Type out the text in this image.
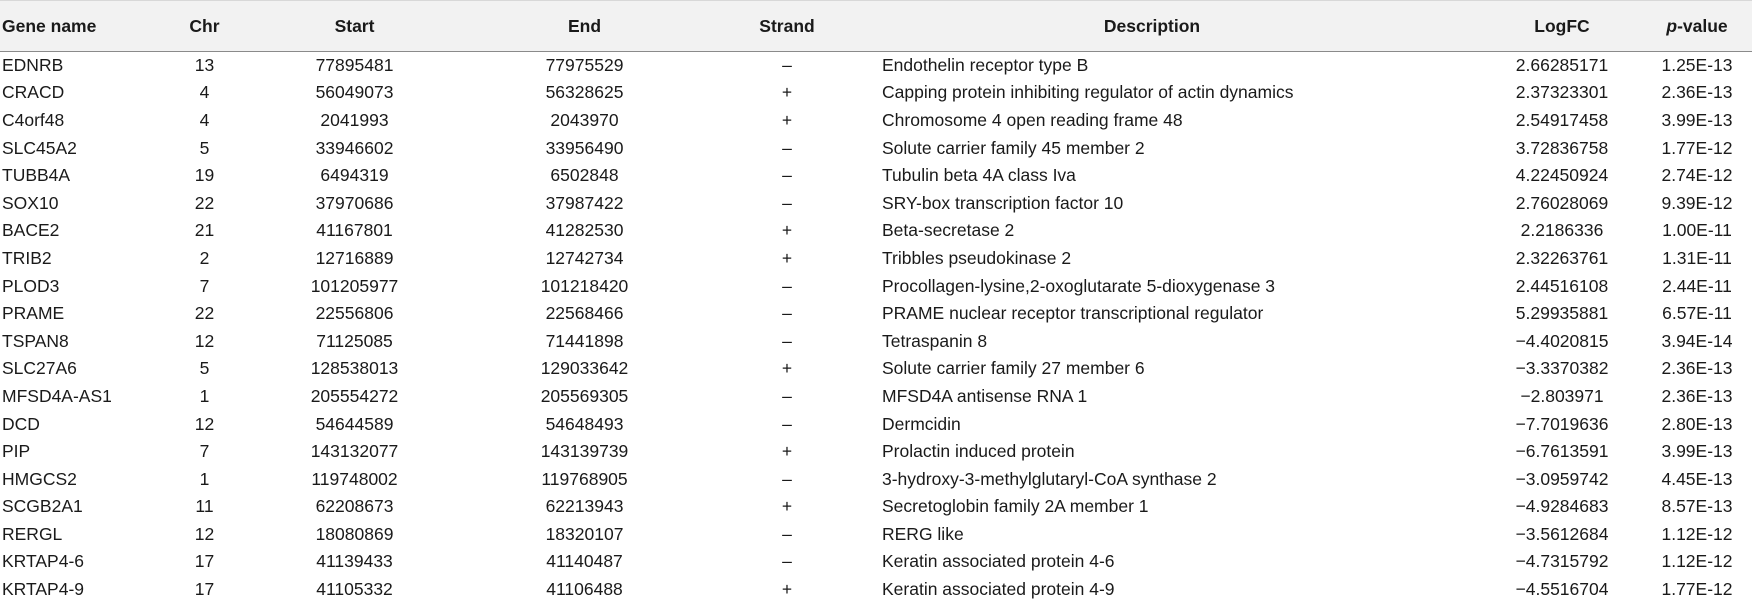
Gene name	Chr	Start	End	Strand	Description	LogFC	p-value
EDNRB	13	77895481	77975529	–	Endothelin receptor type B	2.66285171	1.25E-13
CRACD	4	56049073	56328625	+	Capping protein inhibiting regulator of actin dynamics	2.37323301	2.36E-13
C4orf48	4	2041993	2043970	+	Chromosome 4 open reading frame 48	2.54917458	3.99E-13
SLC45A2	5	33946602	33956490	–	Solute carrier family 45 member 2	3.72836758	1.77E-12
TUBB4A	19	6494319	6502848	–	Tubulin beta 4A class Iva	4.22450924	2.74E-12
SOX10	22	37970686	37987422	–	SRY-box transcription factor 10	2.76028069	9.39E-12
BACE2	21	41167801	41282530	+	Beta-secretase 2	2.2186336	1.00E-11
TRIB2	2	12716889	12742734	+	Tribbles pseudokinase 2	2.32263761	1.31E-11
PLOD3	7	101205977	101218420	–	Procollagen-lysine,2-oxoglutarate 5-dioxygenase 3	2.44516108	2.44E-11
PRAME	22	22556806	22568466	–	PRAME nuclear receptor transcriptional regulator	5.29935881	6.57E-11
TSPAN8	12	71125085	71441898	–	Tetraspanin 8	−4.4020815	3.94E-14
SLC27A6	5	128538013	129033642	+	Solute carrier family 27 member 6	−3.3370382	2.36E-13
MFSD4A-AS1	1	205554272	205569305	–	MFSD4A antisense RNA 1	−2.803971	2.36E-13
DCD	12	54644589	54648493	–	Dermcidin	−7.7019636	2.80E-13
PIP	7	143132077	143139739	+	Prolactin induced protein	−6.7613591	3.99E-13
HMGCS2	1	119748002	119768905	–	3-hydroxy-3-methylglutaryl-CoA synthase 2	−3.0959742	4.45E-13
SCGB2A1	11	62208673	62213943	+	Secretoglobin family 2A member 1	−4.9284683	8.57E-13
RERGL	12	18080869	18320107	–	RERG like	−3.5612684	1.12E-12
KRTAP4-6	17	41139433	41140487	–	Keratin associated protein 4-6	−4.7315792	1.12E-12
KRTAP4-9	17	41105332	41106488	+	Keratin associated protein 4-9	−4.5516704	1.77E-12
